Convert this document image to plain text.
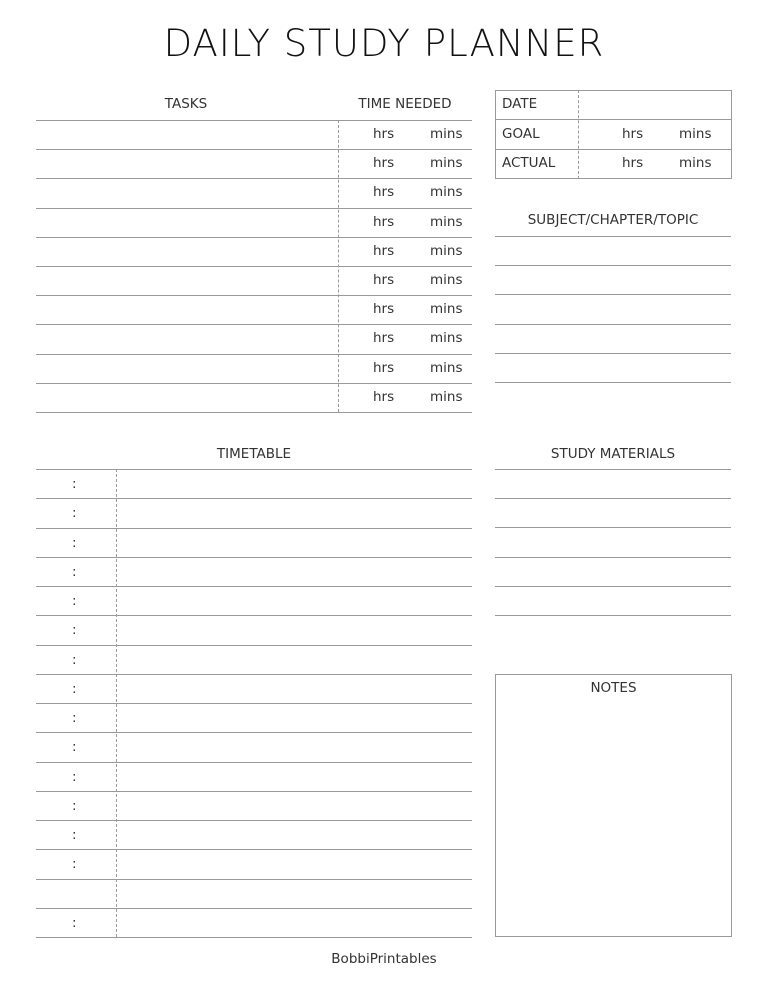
DAILY STUDY PLANNER
TASKS	TIME NEEDED
hrs	mins
hrs	mins
hrs	mins
hrs	mins
hrs	mins
hrs	mins
hrs	mins
hrs	mins
hrs	mins
hrs	mins
DATE
GOAL	hrs	mins
ACTUAL	hrs	mins
SUBJECT/CHAPTER/TOPIC
TIMETABLE
:
:
:
:
:
:
:
:
:
:
:
:
:
:
:
STUDY MATERIALS
NOTES
BobbiPrintables
